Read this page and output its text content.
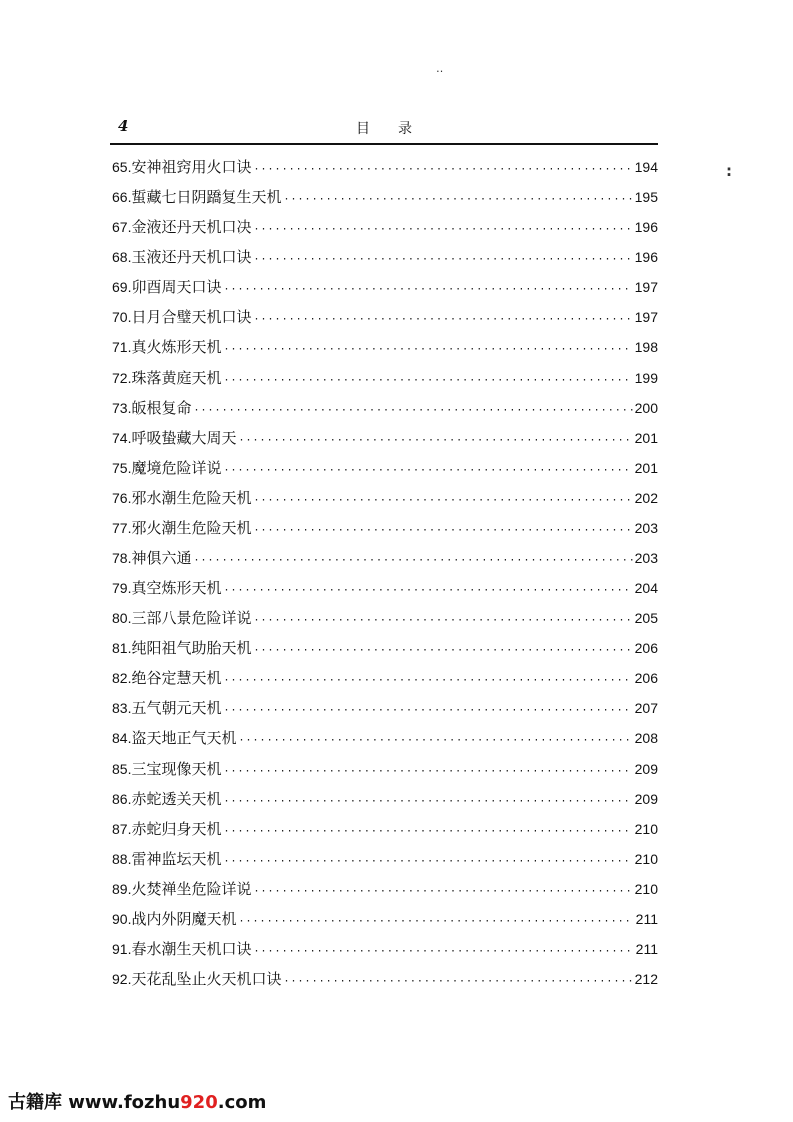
‥
:
4	目录
65. 安神祖窍用火口诀 ·····	194
66. 蜇藏七日阴蹻复生天机 ·····	195
67. 金液还丹天机口决 ·····	196
68. 玉液还丹天机口诀 ·····	196
69. 卯酉周天口诀 ·····	197
70. 日月合璧天机口诀 ·····	197
71. 真火炼形天机 ·····	198
72. 珠落黄庭天机 ·····	199
73. 皈根复命 ·····	200
74. 呼吸蛰藏大周天 ·····	201
75. 魔境危险详说 ·····	201
76. 邪水潮生危险天机 ·····	202
77. 邪火潮生危险天机 ·····	203
78. 神俱六通 ·····	203
79. 真空炼形天机 ·····	204
80. 三部八景危险详说 ·····	205
81. 纯阳祖气助胎天机 ·····	206
82. 绝谷定慧天机 ·····	206
83. 五气朝元天机 ·····	207
84. 盗天地正气天机 ·····	208
85. 三宝现像天机 ·····	209
86. 赤蛇透关天机 ·····	209
87. 赤蛇归身天机 ·····	210
88. 雷神监坛天机 ·····	210
89. 火焚禅坐危险详说 ·····	210
90. 战内外阴魔天机 ·····	211
91. 春水潮生天机口诀 ·····	211
92. 天花乱坠止火天机口诀 ·····	212
古籍库 www.fozhu920.com
